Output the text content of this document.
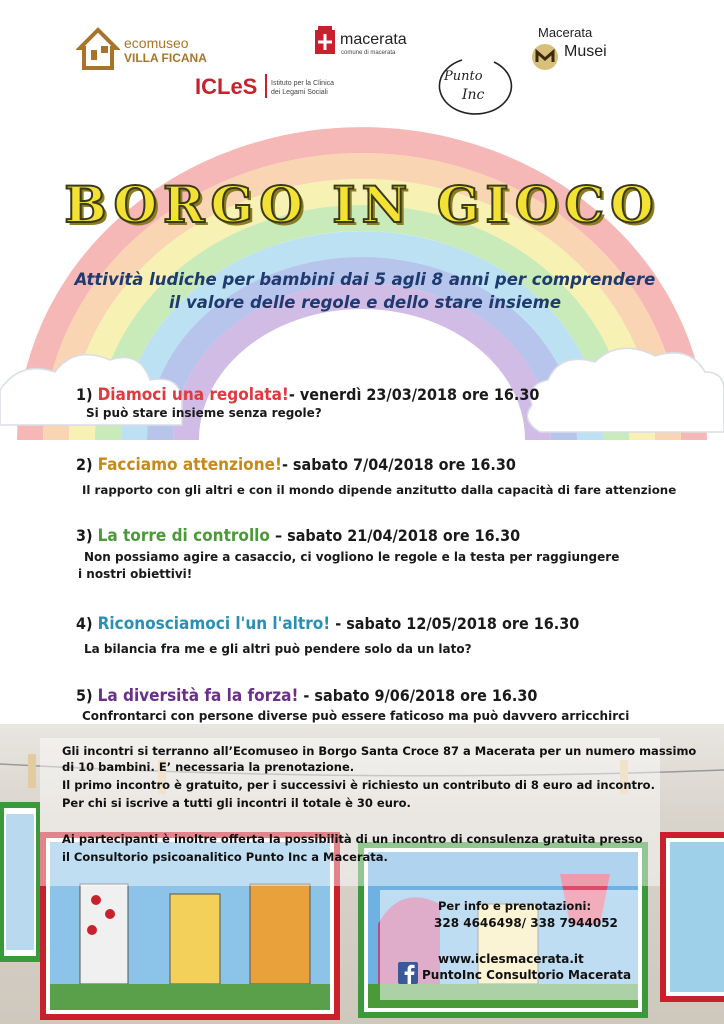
ecomuseo
VILLA FICANA
macerata
comune di macerata
Macerata
Musei
ICLeS Istituto per la Clinica
dei Legami Sociali
Punto
Inc
BORGO IN GIOCO
Attività ludiche per bambini dai 5 agli 8 anni per comprendere
il valore delle regole e dello stare insieme
1) Diamoci una regolata!- venerdì 23/03/2018 ore 16.30
Si può stare insieme senza regole?
2) Facciamo attenzione!- sabato 7/04/2018 ore 16.30
Il rapporto con gli altri e con il mondo dipende anzitutto dalla capacità di fare attenzione
3) La torre di controllo – sabato 21/04/2018 ore 16.30
Non possiamo agire a casaccio, ci vogliono le regole e la testa per raggiungere
i nostri obiettivi!
4) Riconosciamoci l'un l'altro! - sabato 12/05/2018 ore 16.30
La bilancia fra me e gli altri può pendere solo da un lato?
5) La diversità fa la forza! - sabato 9/06/2018 ore 16.30
Confrontarci con persone diverse può essere faticoso ma può davvero arricchirci
Gli incontri si terranno all’Ecomuseo in Borgo Santa Croce 87 a Macerata per un numero massimo
di 10 bambini. E’ necessaria la prenotazione.
Il primo incontro è gratuito, per i successivi è richiesto un contributo di 8 euro ad incontro.
Per chi si iscrive a tutti gli incontri il totale è 30 euro.
Ai partecipanti è inoltre offerta la possibilità di un incontro di consulenza gratuita presso
il Consultorio psicoanalitico Punto Inc a Macerata.
Per info e prenotazioni:
328 4646498/ 338 7944052
www.iclesmacerata.it
PuntoInc Consultorio Macerata
